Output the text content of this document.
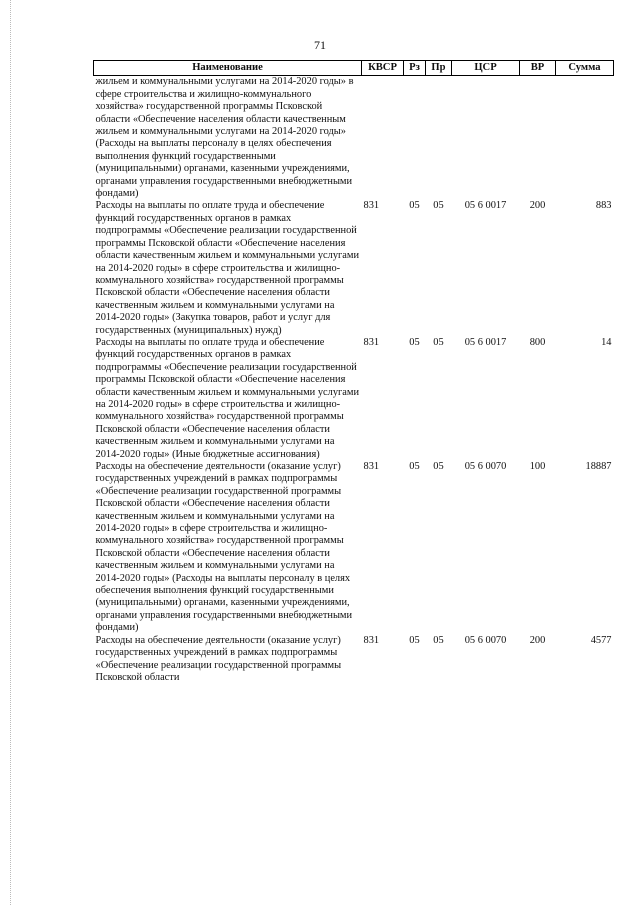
71
Наименование	КВСР	Рз	Пр	ЦСР	ВР	Сумма
жильем и коммунальными услугами на 2014-2020 годы» в сфере строительства и жилищно-коммунального хозяйства» государственной программы Псковской области «Обеспечение населения области качественным жильем и коммунальными услугами на 2014-2020 годы» (Расходы на выплаты персоналу в целях обеспечения выполнения функций государственными (муниципальными) органами, казенными учреждениями, органами управления государственными внебюджетными фондами)						
Расходы на выплаты по оплате труда и обеспечение функций государственных органов в рамках подпрограммы «Обеспечение реализации государственной программы Псковской области «Обеспечение населения области качественным жильем и коммунальными услугами на 2014-2020 годы» в сфере строительства и жилищно-коммунального хозяйства» государственной программы Псковской области «Обеспечение населения области качественным жильем и коммунальными услугами на 2014-2020 годы» (Закупка товаров, работ и услуг для государственных (муниципальных) нужд)	831	05	05	05 6 0017	200	883
Расходы на выплаты по оплате труда и обеспечение функций государственных органов в рамках подпрограммы «Обеспечение реализации государственной программы Псковской области «Обеспечение населения области качественным жильем и коммунальными услугами на 2014-2020 годы» в сфере строительства и жилищно-коммунального хозяйства» государственной программы Псковской области «Обеспечение населения области качественным жильем и коммунальными услугами на 2014-2020 годы» (Иные бюджетные ассигнования)	831	05	05	05 6 0017	800	14
Расходы на обеспечение деятельности (оказание услуг) государственных учреждений в рамках подпрограммы «Обеспечение реализации государственной программы Псковской области «Обеспечение населения области качественным жильем и коммунальными услугами на 2014-2020 годы» в сфере строительства и жилищно-коммунального хозяйства» государственной программы Псковской области «Обеспечение населения области качественным жильем и коммунальными услугами на 2014-2020 годы» (Расходы на выплаты персоналу в целях обеспечения выполнения функций государственными (муниципальными) органами, казенными учреждениями, органами управления государственными внебюджетными фондами)	831	05	05	05 6 0070	100	18887
Расходы на обеспечение деятельности (оказание услуг) государственных учреждений в рамках подпрограммы «Обеспечение реализации государственной программы Псковской области	831	05	05	05 6 0070	200	4577
